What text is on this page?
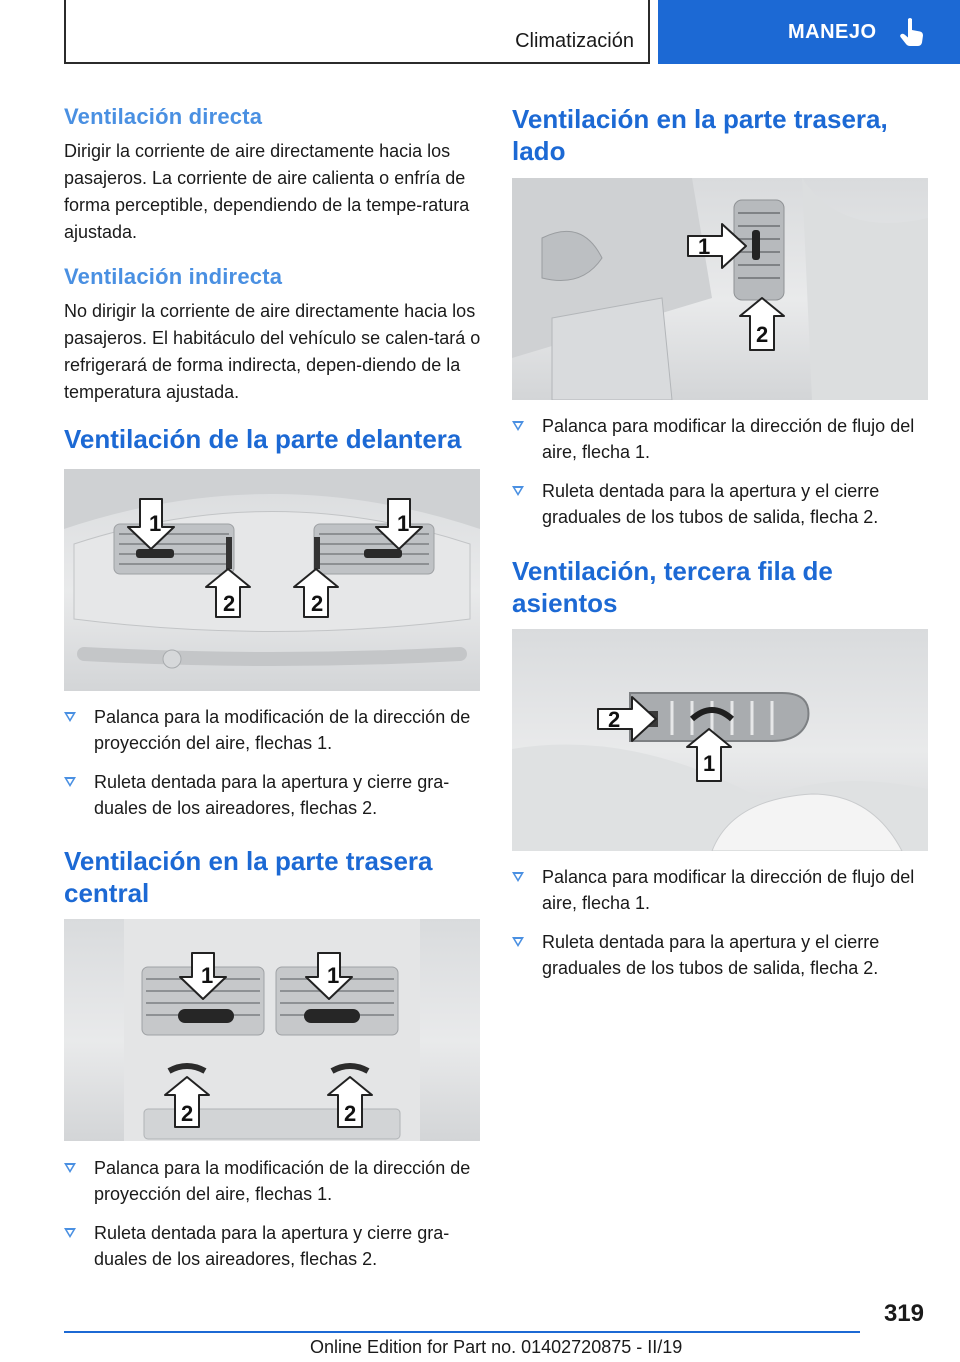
Climatización	MANEJO
Ventilación directa

Dirigir la corriente de aire directamente hacia los pasajeros. La corriente de aire calienta o enfría de forma perceptible, dependiendo de la tempe-ratura ajustada.

Ventilación indirecta

No dirigir la corriente de aire directamente hacia los pasajeros. El habitáculo del vehículo se calen-tará o refrigerará de forma indirecta, depen-diendo de la temperatura ajustada.

Ventilación de la parte delantera
1	1
2	2
Palanca para la modificación de la dirección de proyección del aire, flechas 1.
Ruleta dentada para la apertura y cierre gra-duales de los aireadores, flechas 2.
Ventilación en la parte trasera central
1	1
2	2
Palanca para la modificación de la dirección de proyección del aire, flechas 1.
Ruleta dentada para la apertura y cierre gra-duales de los aireadores, flechas 2.
Ventilación en la parte trasera, lado
1
2
Palanca para modificar la dirección de flujo del aire, flecha 1.
Ruleta dentada para la apertura y el cierre graduales de los tubos de salida, flecha 2.
Ventilación, tercera fila de asientos
2
1
Palanca para modificar la dirección de flujo del aire, flecha 1.
Ruleta dentada para la apertura y el cierre graduales de los tubos de salida, flecha 2.
319
Online Edition for Part no. 01402720875 - II/19
